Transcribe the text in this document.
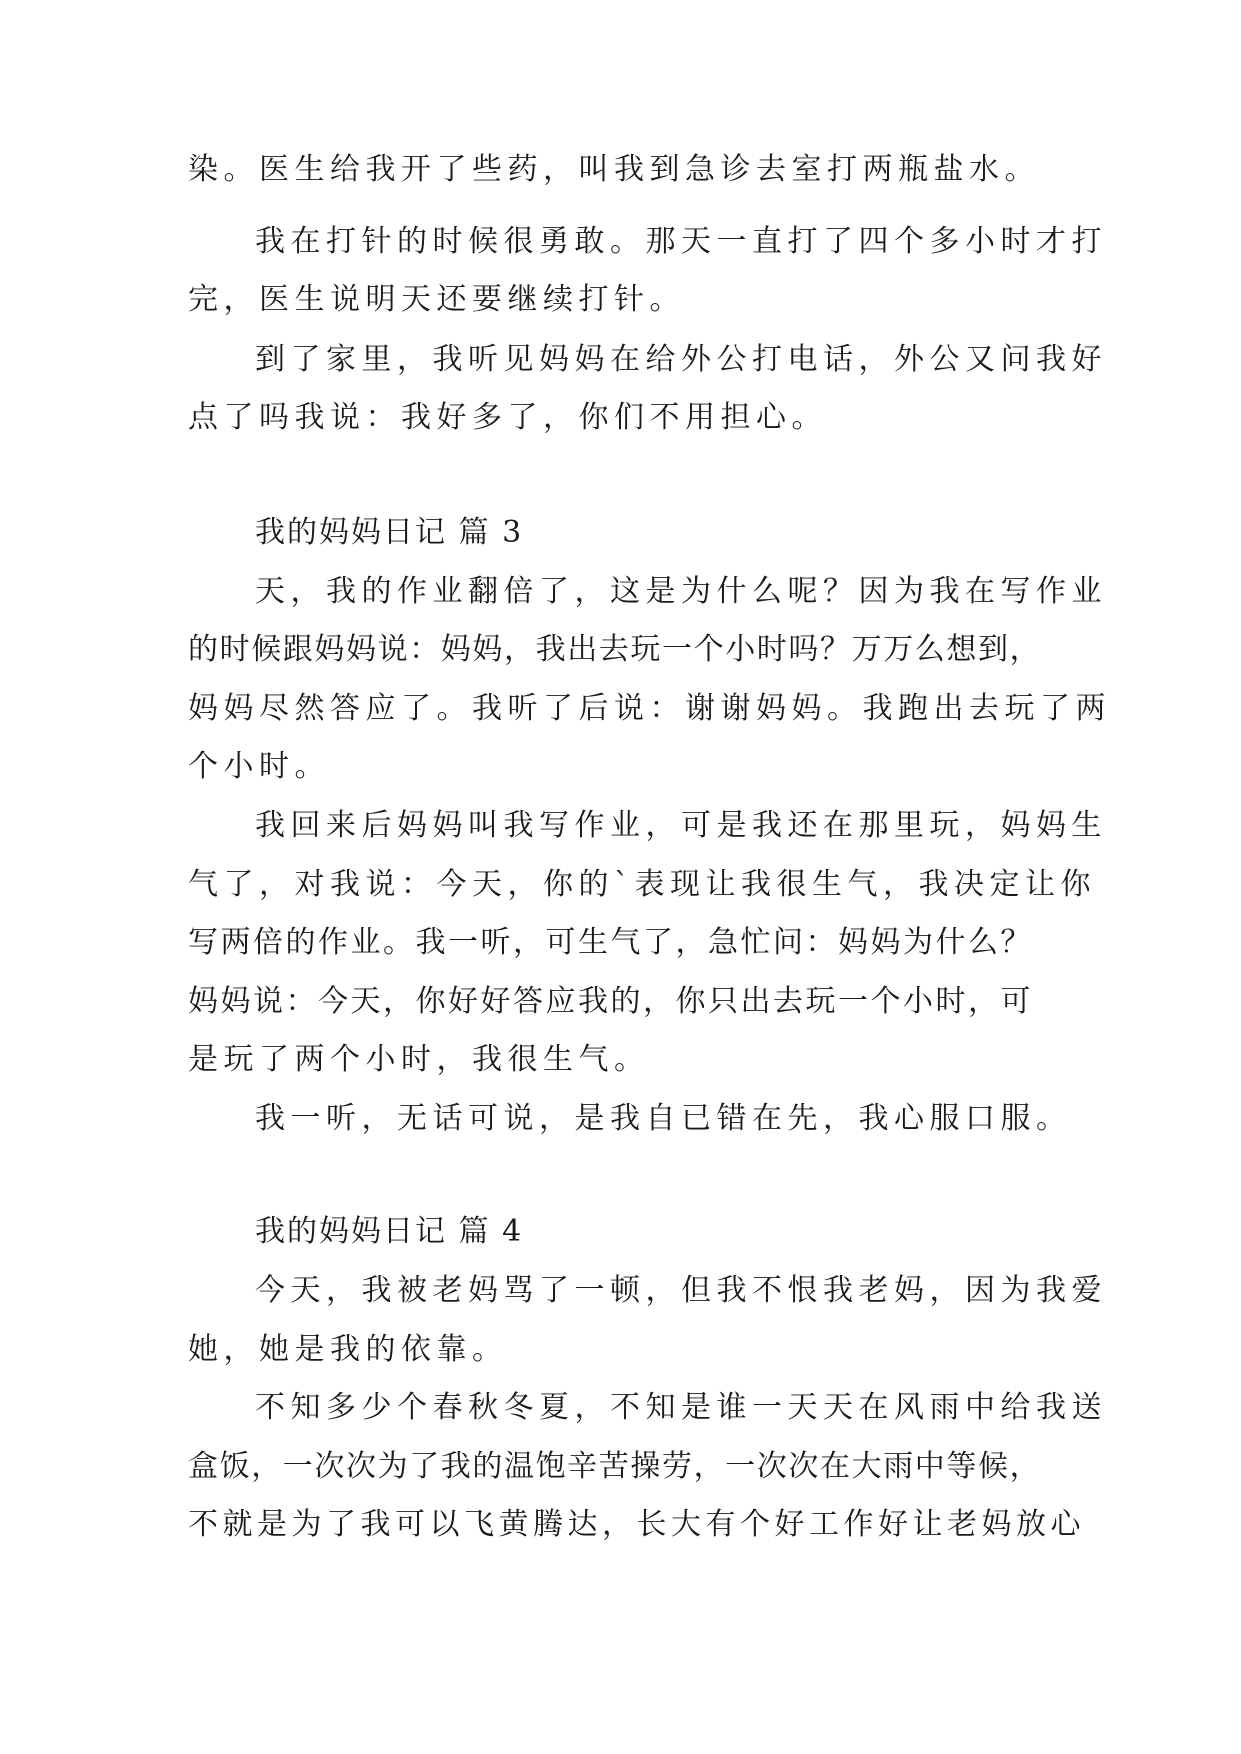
染。医生给我开了些药，叫我到急诊去室打两瓶盐水。
我在打针的时候很勇敢。那天一直打了四个多小时才打
完，医生说明天还要继续打针。
到了家里，我听见妈妈在给外公打电话，外公又问我好
点了吗我说：我好多了，你们不用担心。
我的妈妈日记 篇 3
天，我的作业翻倍了，这是为什么呢？因为我在写作业
的时候跟妈妈说：妈妈，我出去玩一个小时吗？万万么想到，
妈妈尽然答应了。我听了后说：谢谢妈妈。我跑出去玩了两
个小时。
我回来后妈妈叫我写作业，可是我还在那里玩，妈妈生
气了，对我说：今天，你的`表现让我很生气，我决定让你
写两倍的作业。我一听，可生气了，急忙问：妈妈为什么？
妈妈说：今天，你好好答应我的，你只出去玩一个小时，可
是玩了两个小时，我很生气。
我一听，无话可说，是我自已错在先，我心服口服。
我的妈妈日记 篇 4
今天，我被老妈骂了一顿，但我不恨我老妈，因为我爱
她，她是我的依靠。
不知多少个春秋冬夏，不知是谁一天天在风雨中给我送
盒饭，一次次为了我的温饱辛苦操劳，一次次在大雨中等候，
不就是为了我可以飞黄腾达，长大有个好工作好让老妈放心
